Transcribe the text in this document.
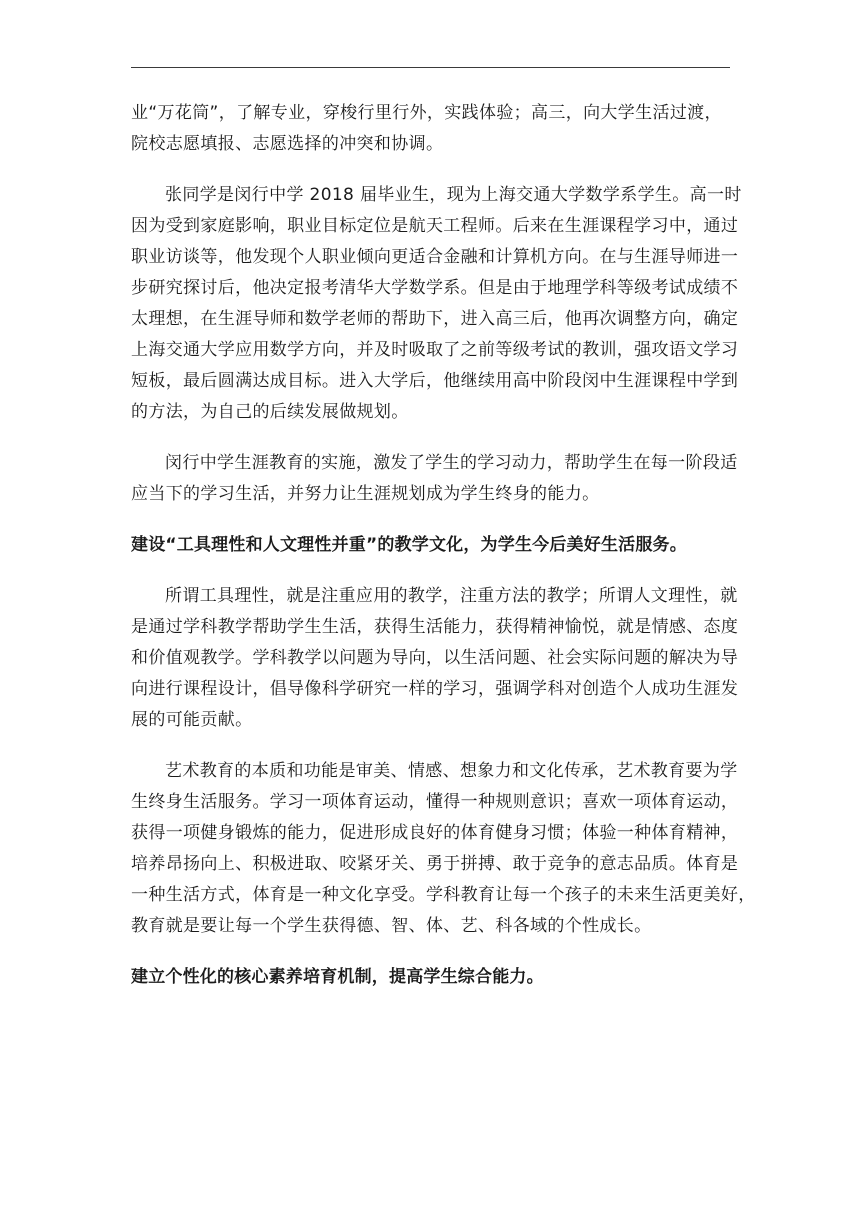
业“万花筒”，了解专业，穿梭行里行外，实践体验；高三，向大学生活过渡，
院校志愿填报、志愿选择的冲突和协调。

张同学是闵行中学 2018 届毕业生，现为上海交通大学数学系学生。高一时
因为受到家庭影响，职业目标定位是航天工程师。后来在生涯课程学习中，通过
职业访谈等，他发现个人职业倾向更适合金融和计算机方向。在与生涯导师进一
步研究探讨后，他决定报考清华大学数学系。但是由于地理学科等级考试成绩不
太理想，在生涯导师和数学老师的帮助下，进入高三后，他再次调整方向，确定
上海交通大学应用数学方向，并及时吸取了之前等级考试的教训，强攻语文学习
短板，最后圆满达成目标。进入大学后，他继续用高中阶段闵中生涯课程中学到
的方法，为自己的后续发展做规划。

闵行中学生涯教育的实施，激发了学生的学习动力，帮助学生在每一阶段适
应当下的学习生活，并努力让生涯规划成为学生终身的能力。

建设“工具理性和人文理性并重”的教学文化，为学生今后美好生活服务。

所谓工具理性，就是注重应用的教学，注重方法的教学；所谓人文理性，就
是通过学科教学帮助学生生活，获得生活能力，获得精神愉悦，就是情感、态度
和价值观教学。学科教学以问题为导向，以生活问题、社会实际问题的解决为导
向进行课程设计，倡导像科学研究一样的学习，强调学科对创造个人成功生涯发
展的可能贡献。

艺术教育的本质和功能是审美、情感、想象力和文化传承，艺术教育要为学
生终身生活服务。学习一项体育运动，懂得一种规则意识；喜欢一项体育运动，
获得一项健身锻炼的能力，促进形成良好的体育健身习惯；体验一种体育精神，
培养昂扬向上、积极进取、咬紧牙关、勇于拼搏、敢于竞争的意志品质。体育是
一种生活方式，体育是一种文化享受。学科教育让每一个孩子的未来生活更美好，
教育就是要让每一个学生获得德、智、体、艺、科各域的个性成长。

建立个性化的核心素养培育机制，提高学生综合能力。
